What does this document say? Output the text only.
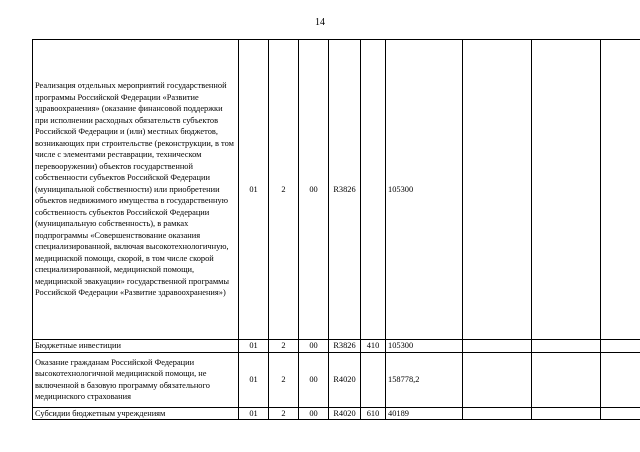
14
Реализация отдельных мероприятий государственной программы Российской Федерации «Развитие здравоохранения» (оказание финансовой поддержки при исполнении расходных обязательств субъектов Российской Федерации и (или) местных бюджетов, возникающих при строительстве (реконструкции, в том числе с элементами реставрации, техническом перевооружении) объектов государственной собственности субъектов Российской Федерации (муниципальной собственности) или приобретении объектов недвижимого имущества в государственную собственность субъектов Российской Федерации (муниципальную собственность), в рамках подпрограммы «Совершенствование оказания специализированной, включая высокотехнологичную, медицинской помощи, скорой, в том числе скорой специализированной, медицинской помощи, медицинской эвакуации» государственной программы Российской Федерации «Развитие здравоохранения»)	01	2	00	R3826		105300			
Бюджетные инвестиции	01	2	00	R3826	410	105300			
Оказание гражданам Российской Федерации высокотехнологичной медицинской помощи, не включенной в базовую программу обязательного медицинского страхования	01	2	00	R4020		158778,2			
Субсидии бюджетным учреждениям	01	2	00	R4020	610	40189			
